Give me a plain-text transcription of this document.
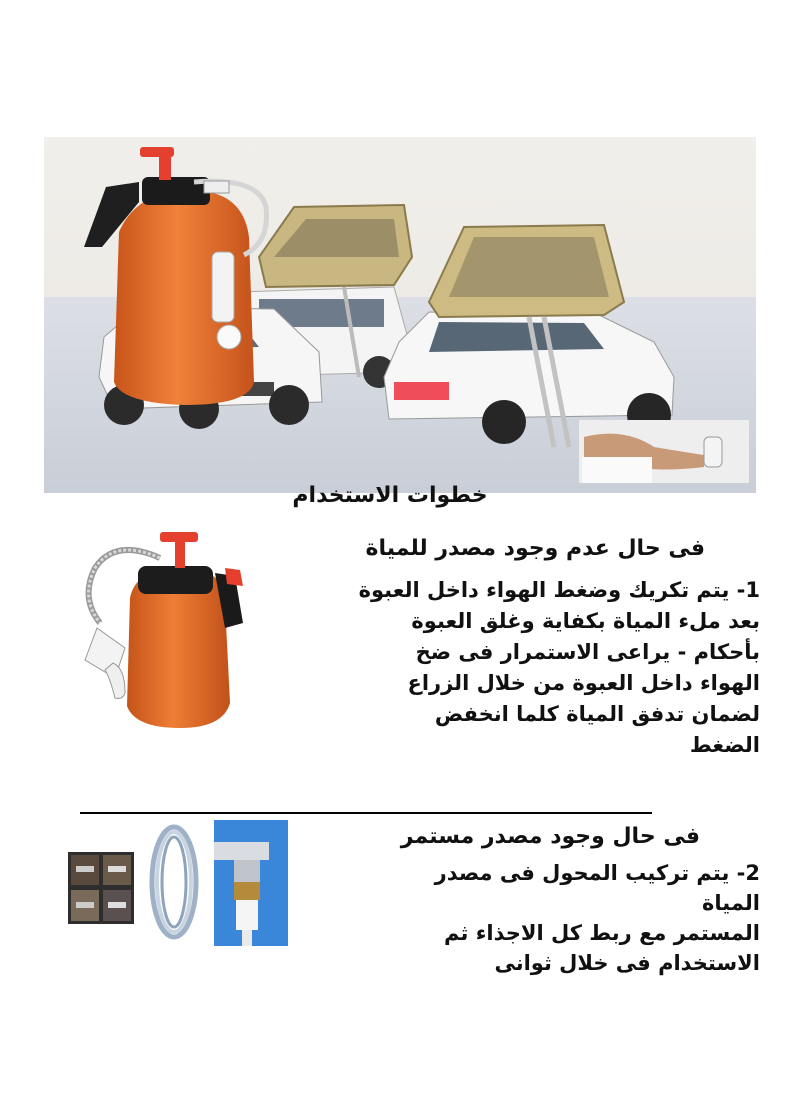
خطوات الاستخدام
فى حال عدم وجود مصدر للمياة
1- يتم تكريك وضغط الهواء داخل العبوة
بعد ملء المياة بكفاية وغلق العبوة
بأحكام - يراعى الاستمرار فى ضخ
الهواء داخل العبوة من خلال الزراع
لضمان تدفق المياة كلما انخفض
الضغط
فى حال وجود مصدر مستمر
2- يتم تركيب المحول فى مصدر المياة
المستمر مع ربط كل الاجذاء ثم
الاستخدام فى خلال ثوانى
